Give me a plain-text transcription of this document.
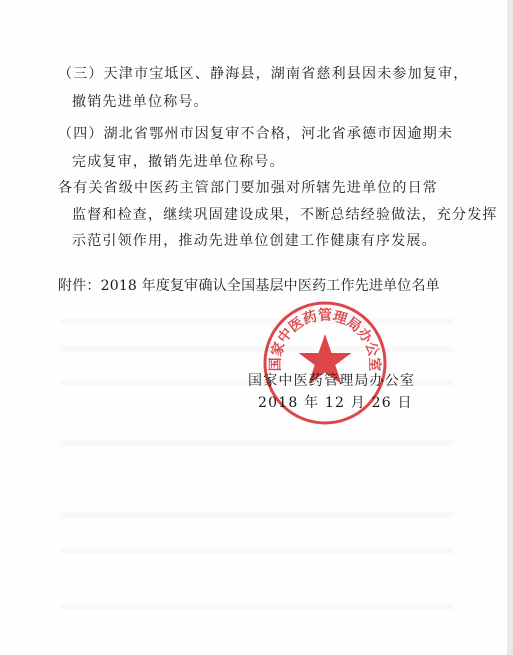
（三）天津市宝坻区、静海县，湖南省慈利县因未参加复审，
撤销先进单位称号。
（四）湖北省鄂州市因复审不合格，河北省承德市因逾期未
完成复审，撤销先进单位称号。
各有关省级中医药主管部门要加强对所辖先进单位的日常
监督和检查，继续巩固建设成果，不断总结经验做法，充分发挥
示范引领作用，推动先进单位创建工作健康有序发展。
附件：2018 年度复审确认全国基层中医药工作先进单位名单
国家中医药管理局办公室
国家中医药管理局办公室
2018 年 12 月 26 日
